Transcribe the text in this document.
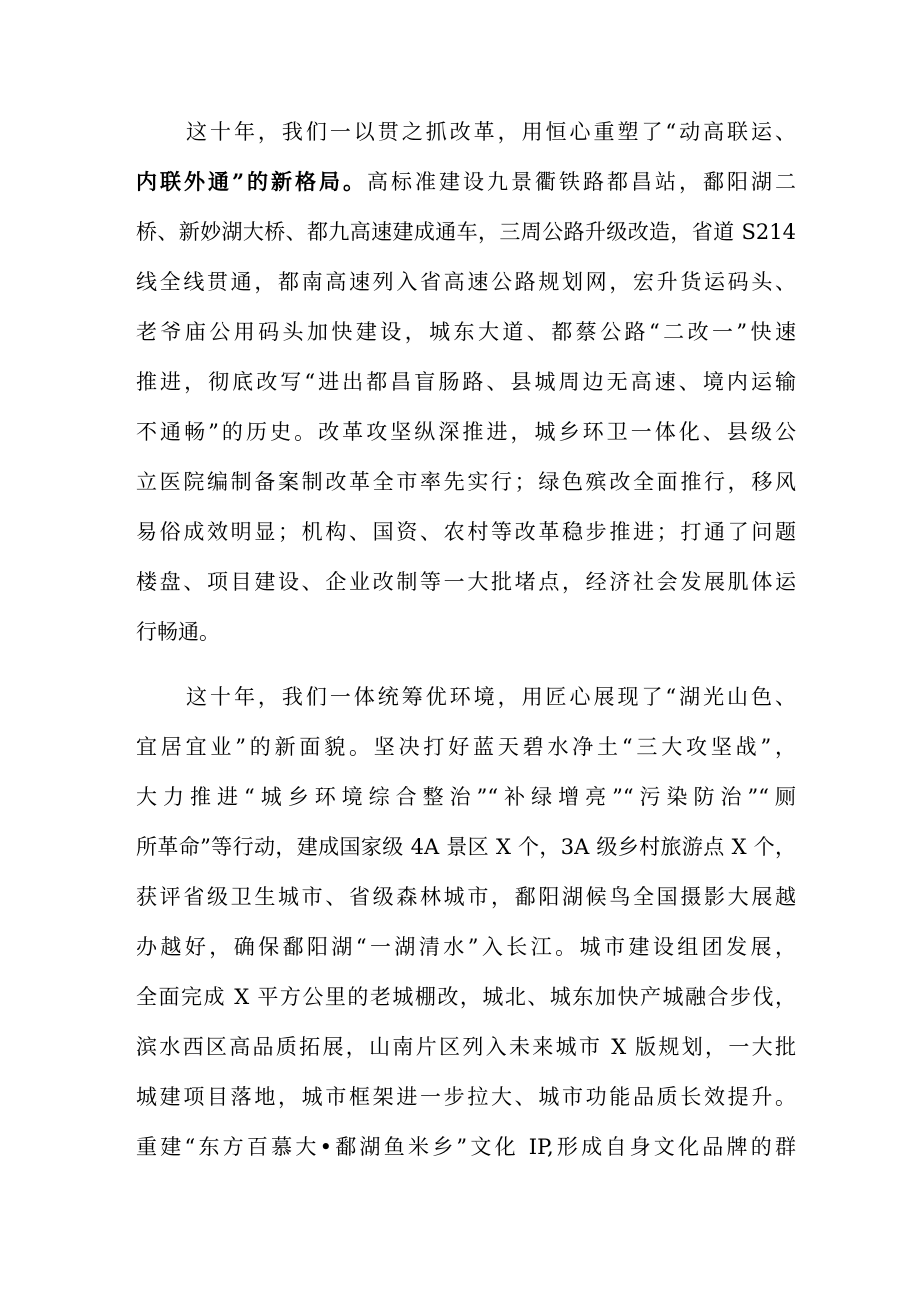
这十年，我们一以贯之抓改革，用恒心重塑了“动高联运、
内联外通”的新格局。高标准建设九景衢铁路都昌站，鄱阳湖二
桥、新妙湖大桥、都九高速建成通车，三周公路升级改造，省道 S214
线全线贯通，都南高速列入省高速公路规划网，宏升货运码头、
老爷庙公用码头加快建设，城东大道、都蔡公路“二改一”快速
推进，彻底改写“进出都昌盲肠路、县城周边无高速、境内运输
不通畅”的历史。改革攻坚纵深推进，城乡环卫一体化、县级公
立医院编制备案制改革全市率先实行；绿色殡改全面推行，移风
易俗成效明显；机构、国资、农村等改革稳步推进；打通了问题
楼盘、项目建设、企业改制等一大批堵点，经济社会发展肌体运
行畅通。
这十年，我们一体统筹优环境，用匠心展现了“湖光山色、
宜居宜业”的新面貌。坚决打好蓝天碧水净土“三大攻坚战”，
大力推进“城乡环境综合整治”“补绿增亮”“污染防治”“厕
所革命”等行动，建成国家级 4A 景区 X 个，3A 级乡村旅游点 X 个，
获评省级卫生城市、省级森林城市，鄱阳湖候鸟全国摄影大展越
办越好，确保鄱阳湖“一湖清水”入长江。城市建设组团发展，
全面完成 X 平方公里的老城棚改，城北、城东加快产城融合步伐，
滨水西区高品质拓展，山南片区列入未来城市 X 版规划，一大批
城建项目落地，城市框架进一步拉大、城市功能品质长效提升。
重建“东方百慕大•鄱湖鱼米乡”文化 IP,形成自身文化品牌的群
